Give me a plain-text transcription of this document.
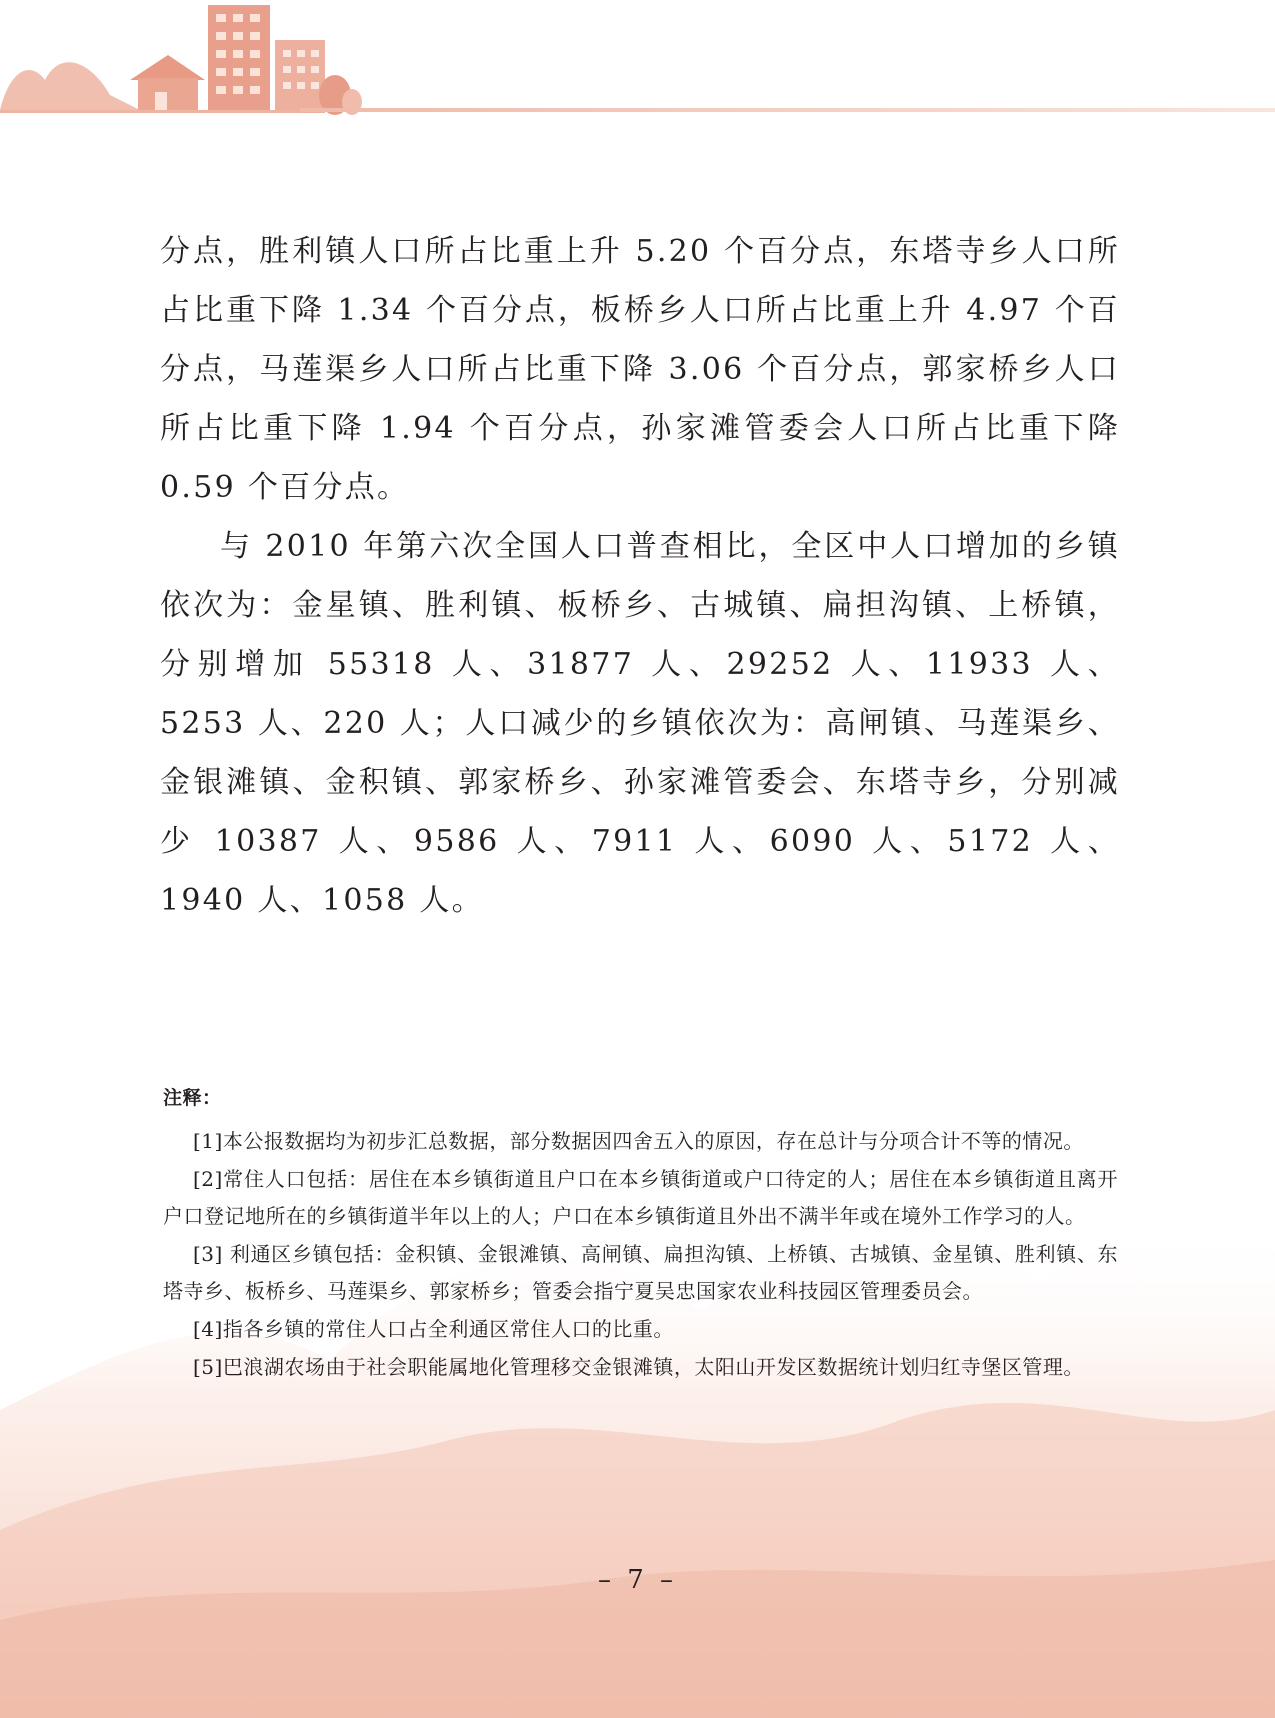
分点，胜利镇人口所占比重上升 5.20 个百分点，东塔寺乡人口所占比重下降 1.34 个百分点，板桥乡人口所占比重上升 4.97 个百分点，马莲渠乡人口所占比重下降 3.06 个百分点，郭家桥乡人口所占比重下降 1.94 个百分点，孙家滩管委会人口所占比重下降 0.59 个百分点。

与 2010 年第六次全国人口普查相比，全区中人口增加的乡镇依次为：金星镇、胜利镇、板桥乡、古城镇、扁担沟镇、上桥镇，分别增加 55318 人、31877 人、29252 人、11933 人、5253 人、220 人；人口减少的乡镇依次为：高闸镇、马莲渠乡、金银滩镇、金积镇、郭家桥乡、孙家滩管委会、东塔寺乡，分别减少 10387 人、9586 人、7911 人、6090 人、5172 人、1940 人、1058 人。

注释：
[1]本公报数据均为初步汇总数据，部分数据因四舍五入的原因，存在总计与分项合计不等的情况。
[2]常住人口包括：居住在本乡镇街道且户口在本乡镇街道或户口待定的人；居住在本乡镇街道且离开户口登记地所在的乡镇街道半年以上的人；户口在本乡镇街道且外出不满半年或在境外工作学习的人。
[3] 利通区乡镇包括：金积镇、金银滩镇、高闸镇、扁担沟镇、上桥镇、古城镇、金星镇、胜利镇、东塔寺乡、板桥乡、马莲渠乡、郭家桥乡；管委会指宁夏吴忠国家农业科技园区管理委员会。
[4]指各乡镇的常住人口占全利通区常住人口的比重。
[5]巴浪湖农场由于社会职能属地化管理移交金银滩镇，太阳山开发区数据统计划归红寺堡区管理。
– 7 –
